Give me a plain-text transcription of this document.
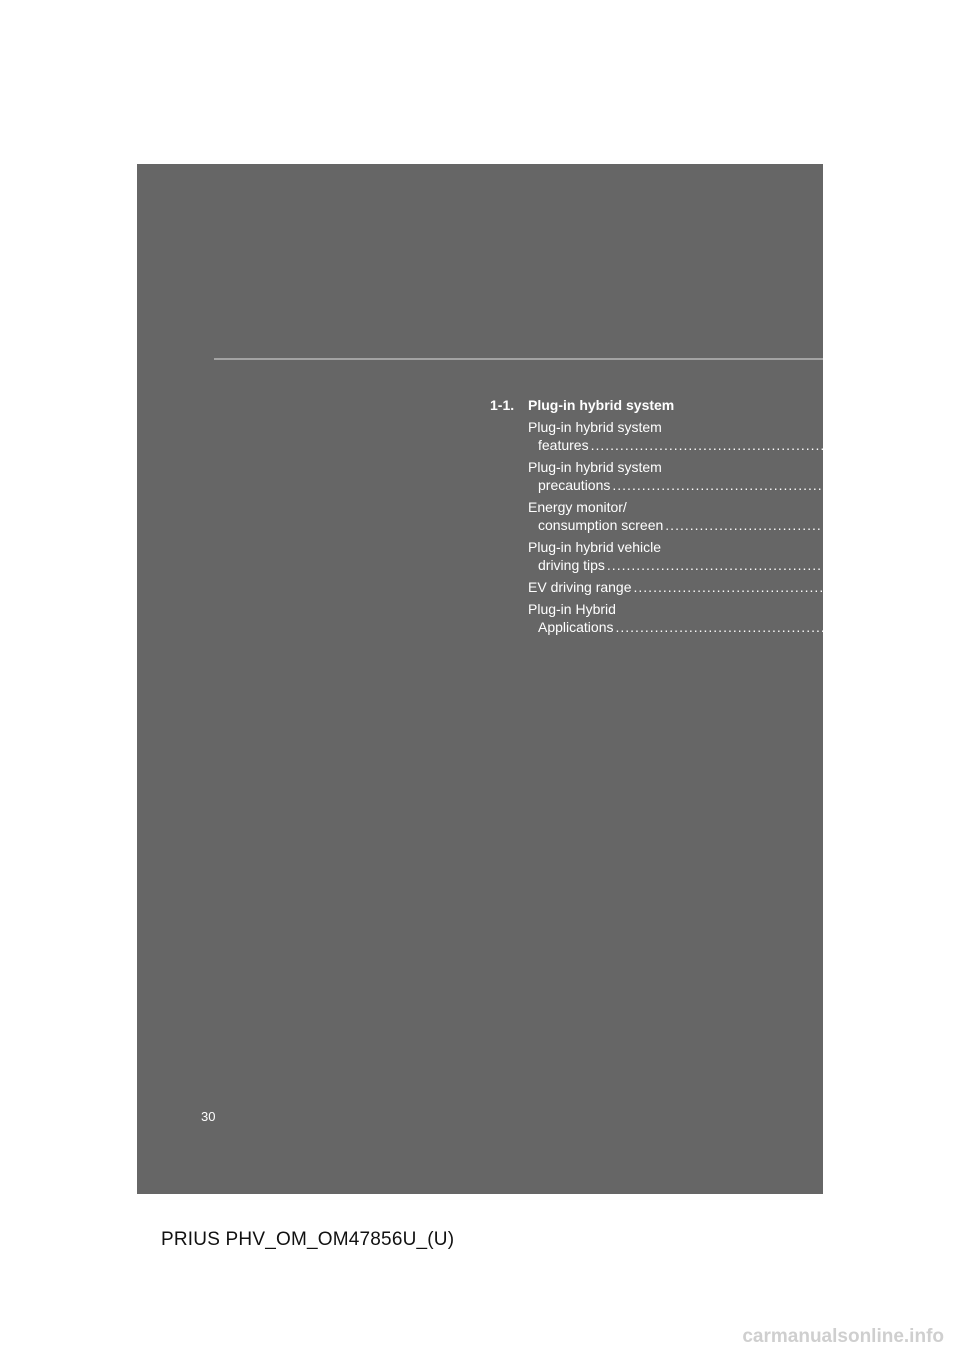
1-1. Plug-in hybrid system
Plug-in hybrid system
features .................................................. 32
Plug-in hybrid system
precautions .................................................. 44
Energy monitor/
consumption screen .................................................. 52
Plug-in hybrid vehicle
driving tips .................................................. 67
EV driving range .................................................. 70
Plug-in Hybrid
Applications .................................................. 74
30
PRIUS PHV_OM_OM47856U_(U)
carmanualsonline.info
